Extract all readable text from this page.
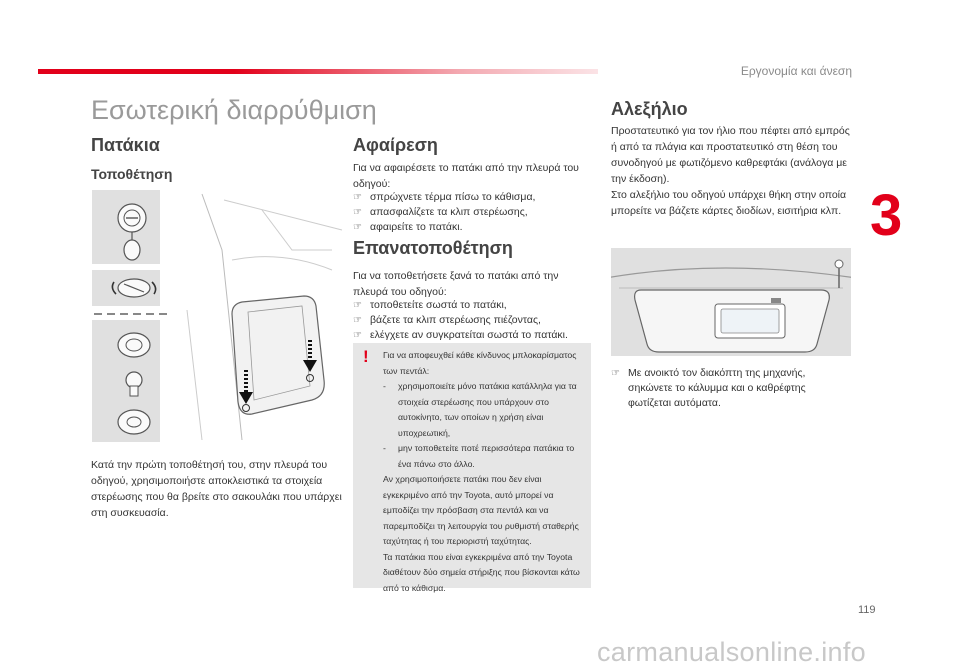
Εργονομία και άνεση
3
Εσωτερική διαρρύθμιση
Πατάκια
Τοποθέτηση
Κατά την πρώτη τοποθέτησή του, στην πλευρά του οδηγού, χρησιμοποιήστε αποκλειστικά τα στοιχεία στερέωσης που θα βρείτε στο σακουλάκι που υπάρχει στη συσκευασία.
Αφαίρεση
Για να αφαιρέσετε το πατάκι από την πλευρά του οδηγού:
☞ σπρώχνετε τέρμα πίσω το κάθισμα,
☞ απασφαλίζετε τα κλιπ στερέωσης,
☞ αφαιρείτε το πατάκι.
Επανατοποθέτηση
Για να τοποθετήσετε ξανά το πατάκι από την πλευρά του οδηγού:
☞ τοποθετείτε σωστά το πατάκι,
☞ βάζετε τα κλιπ στερέωσης πιέζοντας,
☞ ελέγχετε αν συγκρατείται σωστά το πατάκι.
! Για να αποφευχθεί κάθε κίνδυνος μπλοκαρίσματος των πεντάλ:
- χρησιμοποιείτε μόνο πατάκια κατάλληλα για τα στοιχεία στερέωσης που υπάρχουν στο αυτοκίνητο, των οποίων η χρήση είναι υποχρεωτική,
- μην τοποθετείτε ποτέ περισσότερα πατάκια το ένα πάνω στο άλλο.
Αν χρησιμοποιήσετε πατάκι που δεν είναι εγκεκριμένο από την Toyota, αυτό μπορεί να εμποδίζει την πρόσβαση στα πεντάλ και να παρεμποδίζει τη λειτουργία του ρυθμιστή σταθερής ταχύτητας ή του περιοριστή ταχύτητας.
Τα πατάκια που είναι εγκεκριμένα από την Toyota διαθέτουν δύο σημεία στήριξης που βίσκονται κάτω από το κάθισμα.
Αλεξήλιο
Προστατευτικό για τον ήλιο που πέφτει από εμπρός ή από τα πλάγια και προστατευτικό στη θέση του συνοδηγού με φωτιζόμενο καθρεφτάκι (ανάλογα με την έκδοση).
Στο αλεξήλιο του οδηγού υπάρχει θήκη στην οποία μπορείτε να βάζετε κάρτες διοδίων, εισιτήρια κλπ.
☞ Με ανοικτό τον διακόπτη της μηχανής, σηκώνετε το κάλυμμα και ο καθρέφτης φωτίζεται αυτόματα.
119
carmanualsonline.info
